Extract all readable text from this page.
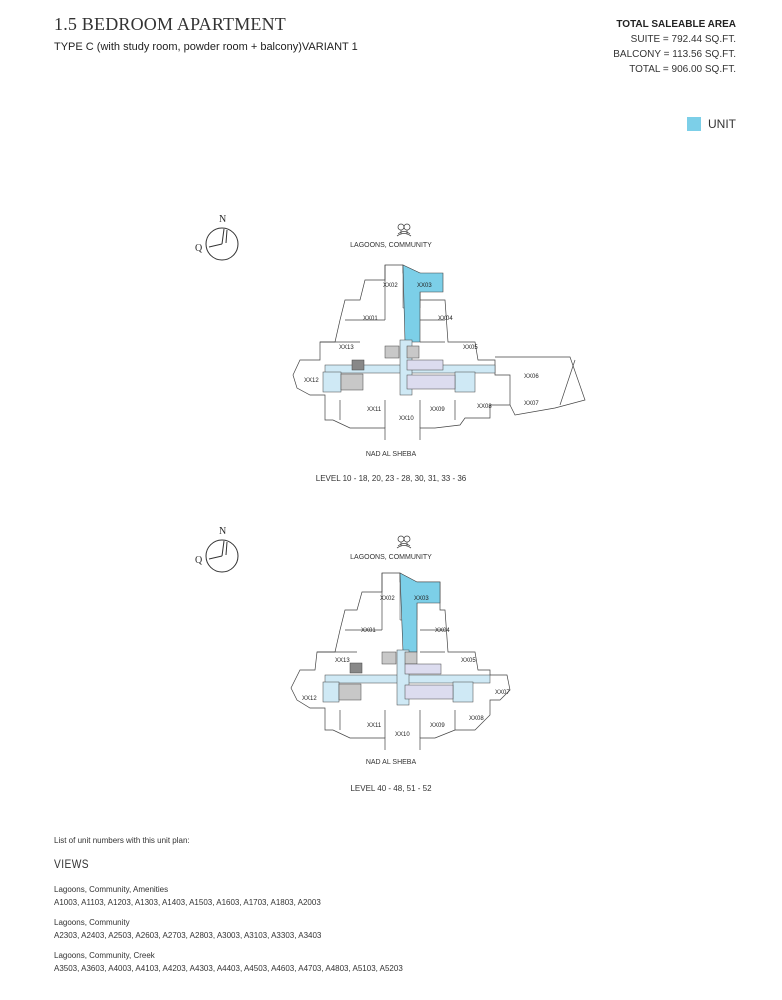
1.5 BEDROOM APARTMENT
TYPE C (with study room, powder room + balcony)VARIANT 1
TOTAL SALEABLE AREA
SUITE = 792.44 SQ.FT.
BALCONY = 113.56 SQ.FT.
TOTAL = 906.00 SQ.FT.
UNIT
N
Q	LAGOONS, COMMUNITY
XX02	XX03
XX01	XX04
XX13	XX05
XX12
XX06
XX07
XX08
XX09
XX10
XX11
NAD AL SHEBA
LEVEL 10 - 18, 20, 23 - 28, 30, 31, 33 - 36
N
Q	LAGOONS, COMMUNITY
XX02	XX03
XX01	XX04
XX13	XX05
XX12
XX07
XX08
XX09
XX10
XX11
NAD AL SHEBA
LEVEL 40 - 48, 51 - 52
List of unit numbers with this unit plan:
VIEWS
Lagoons, Community, Amenities
A1003, A1103, A1203, A1303, A1403, A1503, A1603, A1703, A1803, A2003
Lagoons, Community
A2303, A2403, A2503, A2603, A2703, A2803, A3003, A3103, A3303, A3403
Lagoons, Community, Creek
A3503, A3603, A4003, A4103, A4203, A4303, A4403, A4503, A4603, A4703, A4803, A5103, A5203
